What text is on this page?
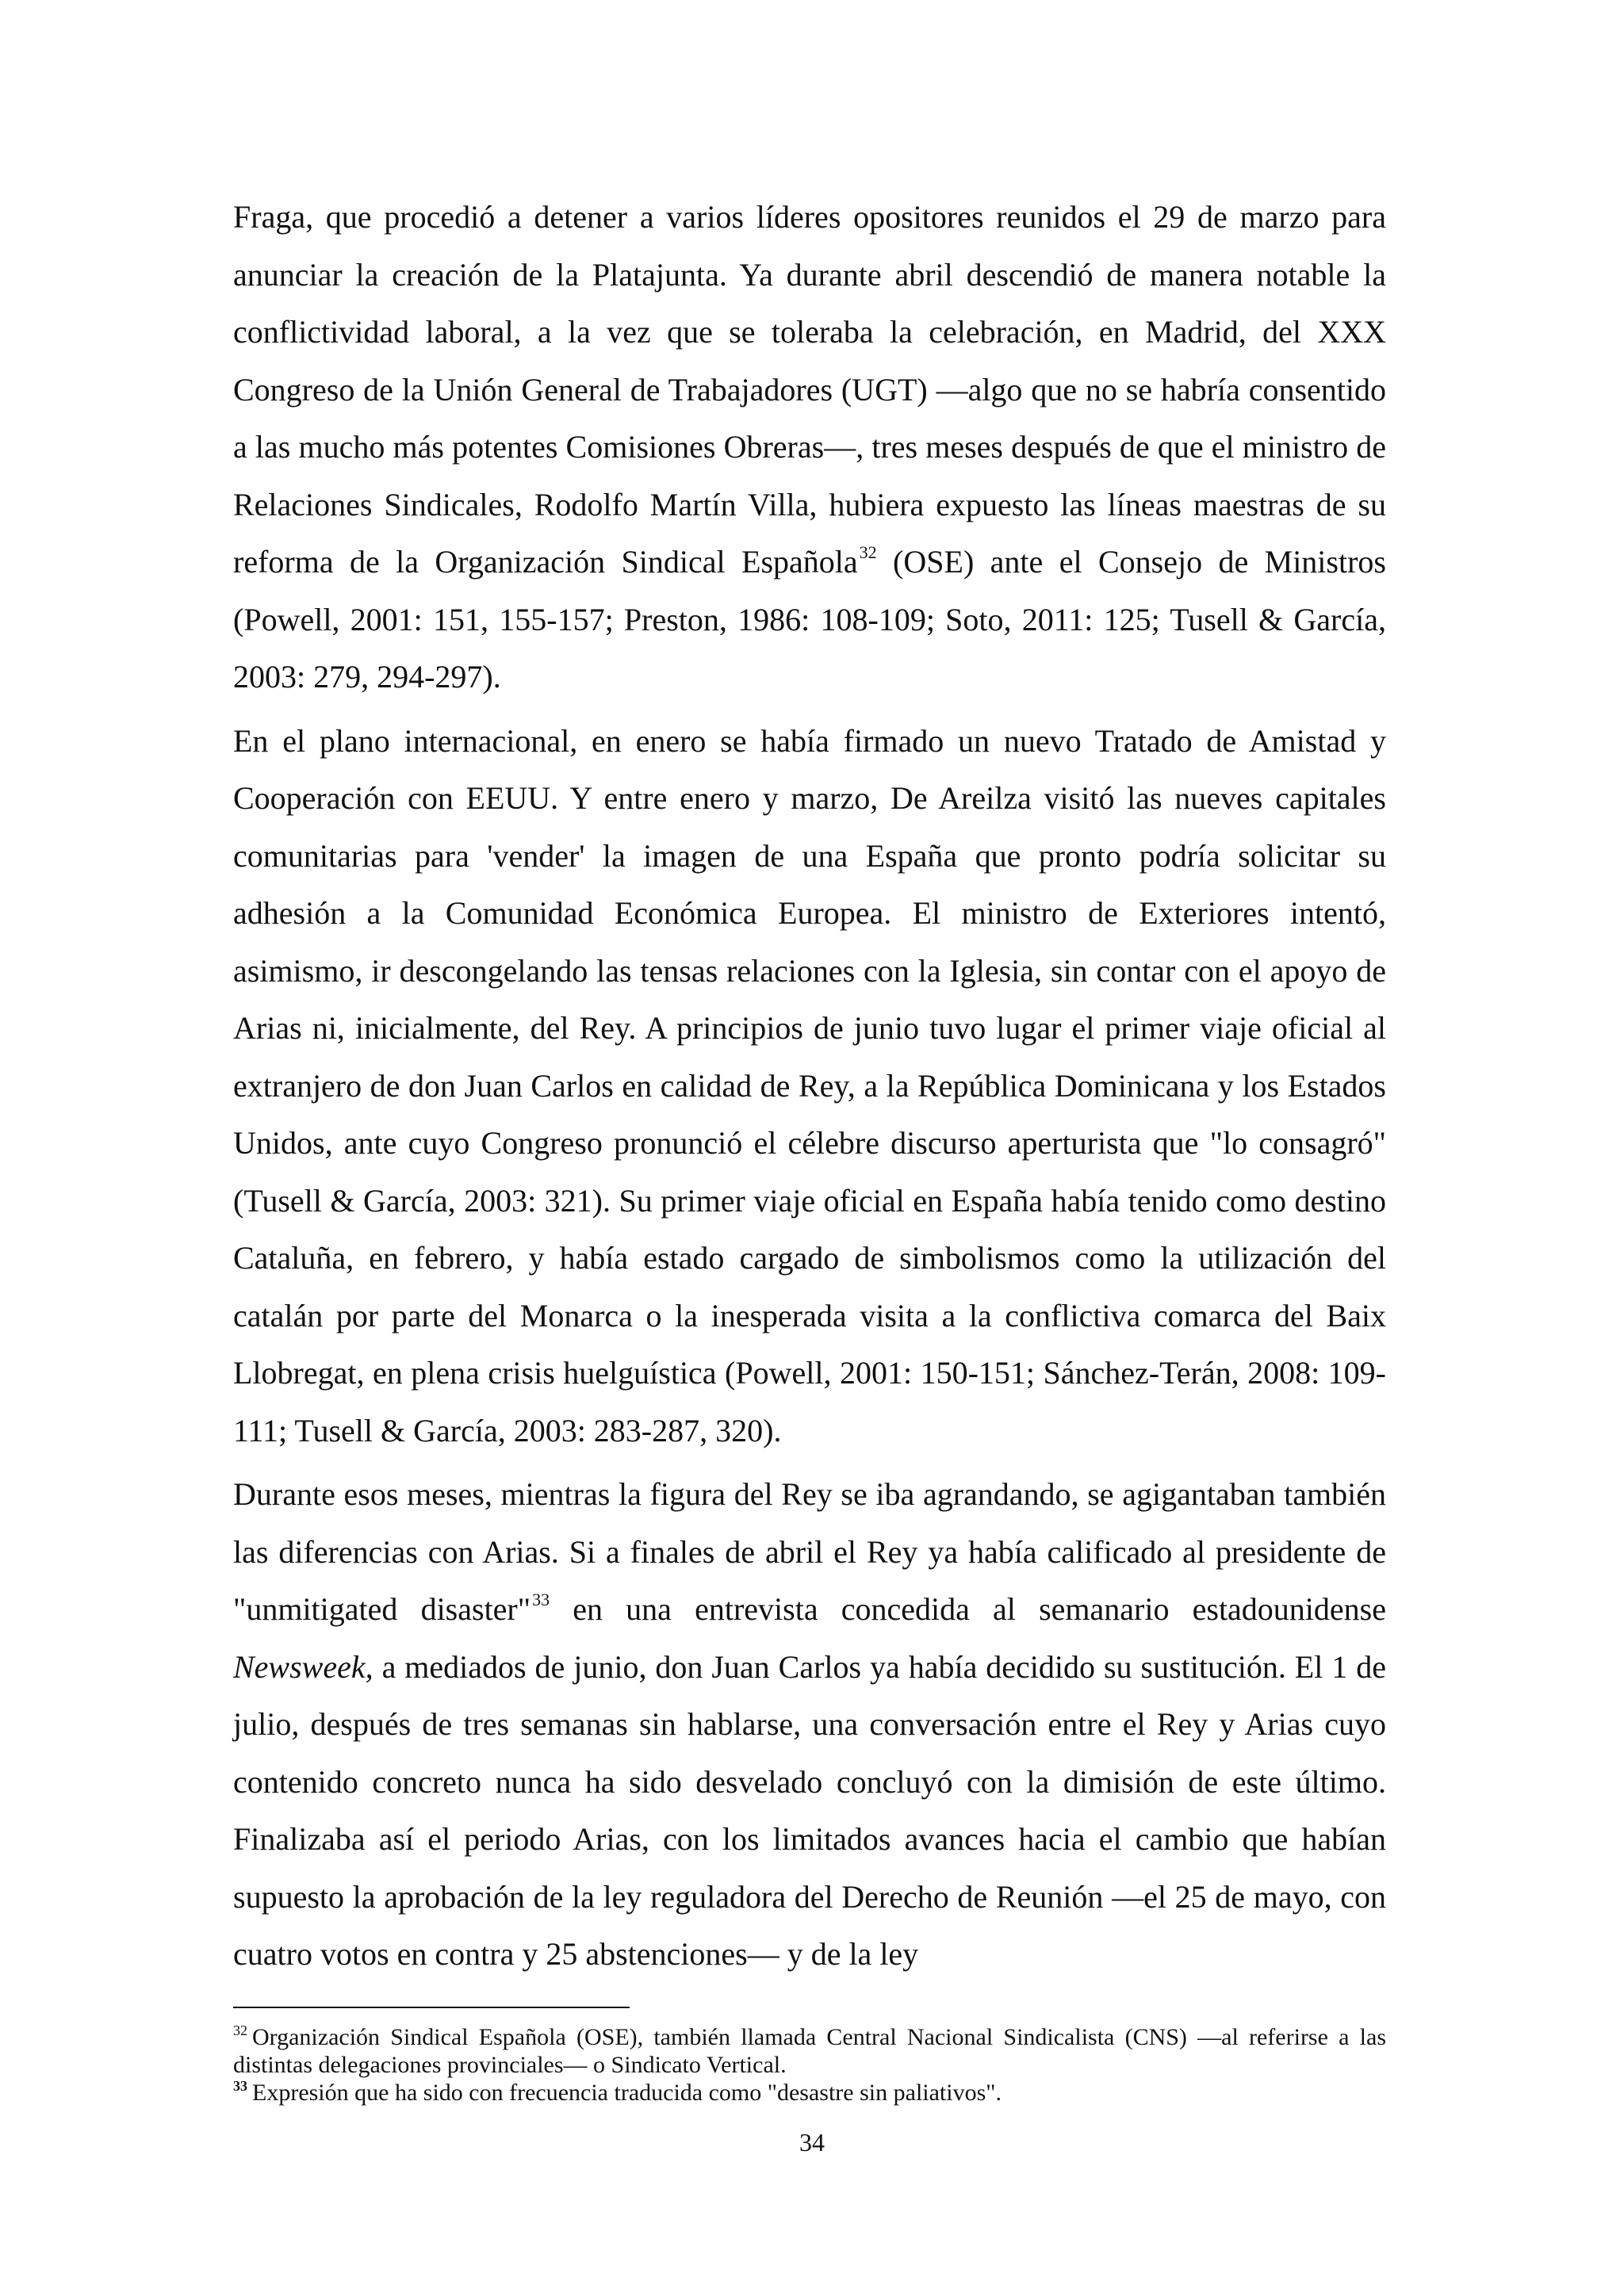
Fraga, que procedió a detener a varios líderes opositores reunidos el 29 de marzo para anunciar la creación de la Platajunta. Ya durante abril descendió de manera notable la conflictividad laboral, a la vez que se toleraba la celebración, en Madrid, del XXX Congreso de la Unión General de Trabajadores (UGT) —algo que no se habría consentido a las mucho más potentes Comisiones Obreras—, tres meses después de que el ministro de Relaciones Sindicales, Rodolfo Martín Villa, hubiera expuesto las líneas maestras de su reforma de la Organización Sindical Española$^{32}$ (OSE) ante el Consejo de Ministros (Powell, 2001: 151, 155-157; Preston, 1986: 108-109; Soto, 2011: 125; Tusell & García, 2003: 279, 294-297).

En el plano internacional, en enero se había firmado un nuevo Tratado de Amistad y Cooperación con EEUU. Y entre enero y marzo, De Areilza visitó las nueves capitales comunitarias para 'vender' la imagen de una España que pronto podría solicitar su adhesión a la Comunidad Económica Europea. El ministro de Exteriores intentó, asimismo, ir descongelando las tensas relaciones con la Iglesia, sin contar con el apoyo de Arias ni, inicialmente, del Rey. A principios de junio tuvo lugar el primer viaje oficial al extranjero de don Juan Carlos en calidad de Rey, a la República Dominicana y los Estados Unidos, ante cuyo Congreso pronunció el célebre discurso aperturista que "lo consagró" (Tusell & García, 2003: 321). Su primer viaje oficial en España había tenido como destino Cataluña, en febrero, y había estado cargado de simbolismos como la utilización del catalán por parte del Monarca o la inesperada visita a la conflictiva comarca del Baix Llobregat, en plena crisis huelguística (Powell, 2001: 150-151; Sánchez-Terán, 2008: 109-111; Tusell & García, 2003: 283-287, 320).

Durante esos meses, mientras la figura del Rey se iba agrandando, se agigantaban también las diferencias con Arias. Si a finales de abril el Rey ya había calificado al presidente de "unmitigated disaster"$^{33}$ en una entrevista concedida al semanario estadounidense Newsweek, a mediados de junio, don Juan Carlos ya había decidido su sustitución. El 1 de julio, después de tres semanas sin hablarse, una conversación entre el Rey y Arias cuyo contenido concreto nunca ha sido desvelado concluyó con la dimisión de este último. Finalizaba así el periodo Arias, con los limitados avances hacia el cambio que habían supuesto la aprobación de la ley reguladora del Derecho de Reunión —el 25 de mayo, con cuatro votos en contra y 25 abstenciones— y de la ley

$^{32}$ Organización Sindical Española (OSE), también llamada Central Nacional Sindicalista (CNS) —al referirse a las distintas delegaciones provinciales— o Sindicato Vertical.

$^{33}$ Expresión que ha sido con frecuencia traducida como "desastre sin paliativos".

34
